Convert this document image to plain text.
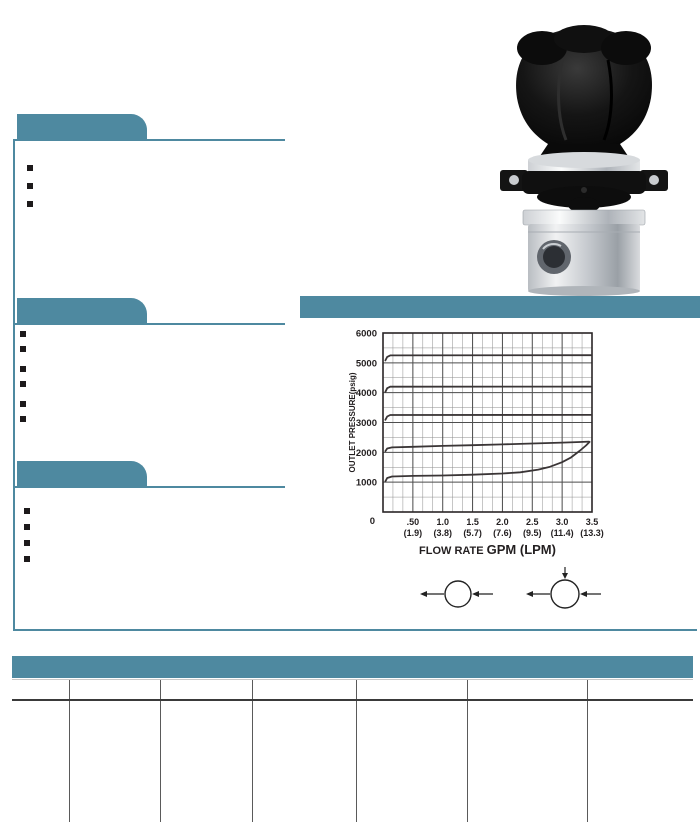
1000
2000
3000
4000
5000
6000
0	.50
(1.9)
1.0
(3.8)
1.5
(5.7)
2.0
(7.6)
2.5
(9.5)
3.0
(11.4)
3.5
(13.3)
OUTLET PRESSURE(psig)
FLOW RATE GPM (LPM)
